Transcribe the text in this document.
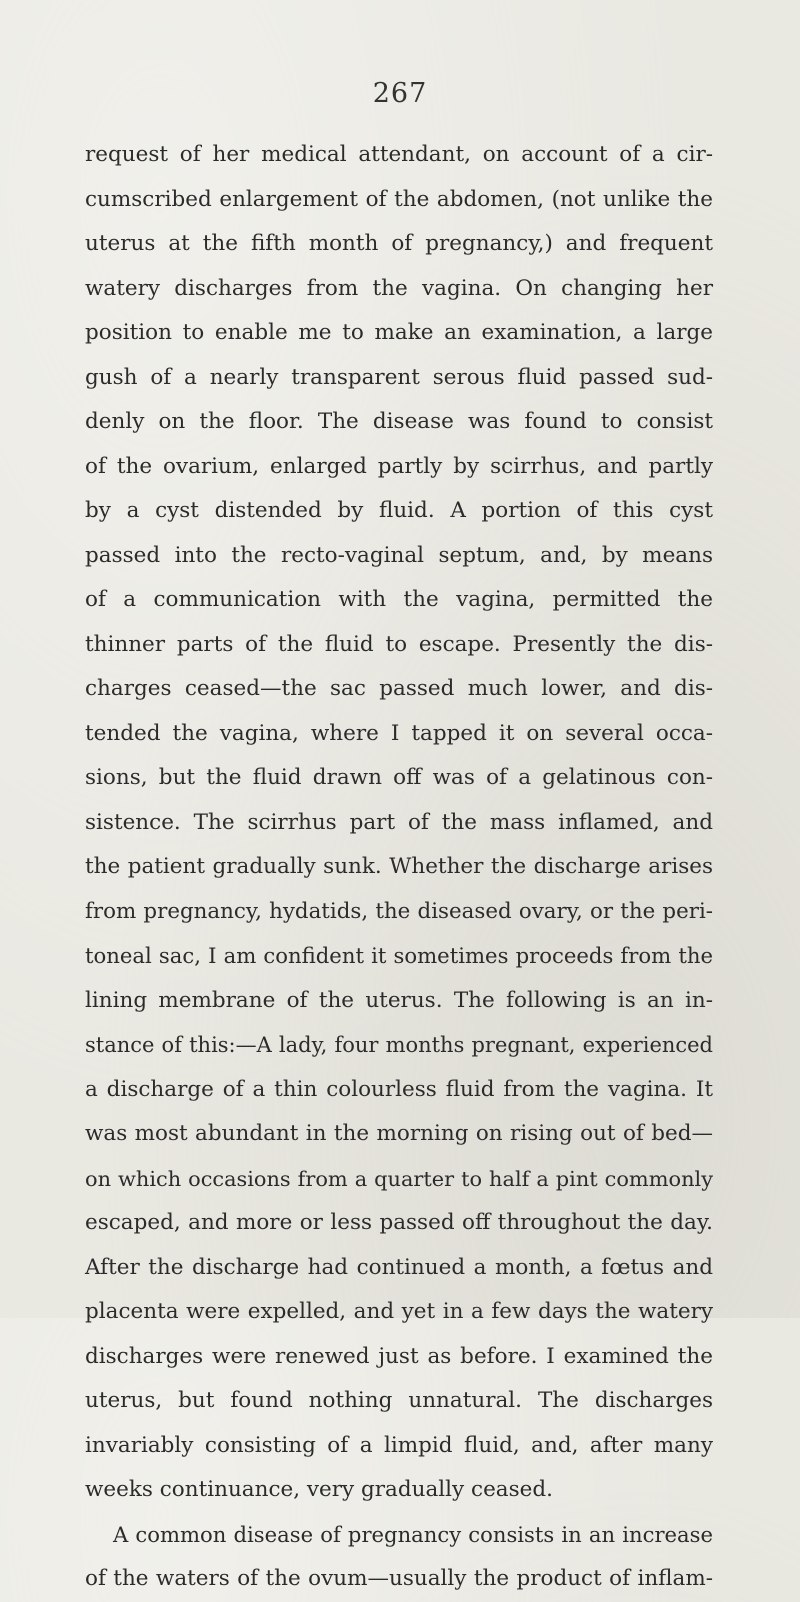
267
request of her medical attendant, on account of a cir-
cumscribed enlargement of the abdomen, (not unlike the
uterus at the fifth month of pregnancy,) and frequent
watery discharges from the vagina. On changing her
position to enable me to make an examination, a large
gush of a nearly transparent serous fluid passed sud-
denly on the floor. The disease was found to consist
of the ovarium, enlarged partly by scirrhus, and partly
by a cyst distended by fluid. A portion of this cyst
passed into the recto-vaginal septum, and, by means
of a communication with the vagina, permitted the
thinner parts of the fluid to escape. Presently the dis-
charges ceased—the sac passed much lower, and dis-
tended the vagina, where I tapped it on several occa-
sions, but the fluid drawn off was of a gelatinous con-
sistence. The scirrhus part of the mass inflamed, and
the patient gradually sunk. Whether the discharge arises
from pregnancy, hydatids, the diseased ovary, or the peri-
toneal sac, I am confident it sometimes proceeds from the
lining membrane of the uterus. The following is an in-
stance of this:—A lady, four months pregnant, experienced
a discharge of a thin colourless fluid from the vagina. It
was most abundant in the morning on rising out of bed—
on which occasions from a quarter to half a pint commonly
escaped, and more or less passed off throughout the day.
After the discharge had continued a month, a fœtus and
placenta were expelled, and yet in a few days the watery
discharges were renewed just as before. I examined the
uterus, but found nothing unnatural. The discharges
invariably consisting of a limpid fluid, and, after many
weeks continuance, very gradually ceased.
A common disease of pregnancy consists in an increase
of the waters of the ovum—usually the product of inflam-
